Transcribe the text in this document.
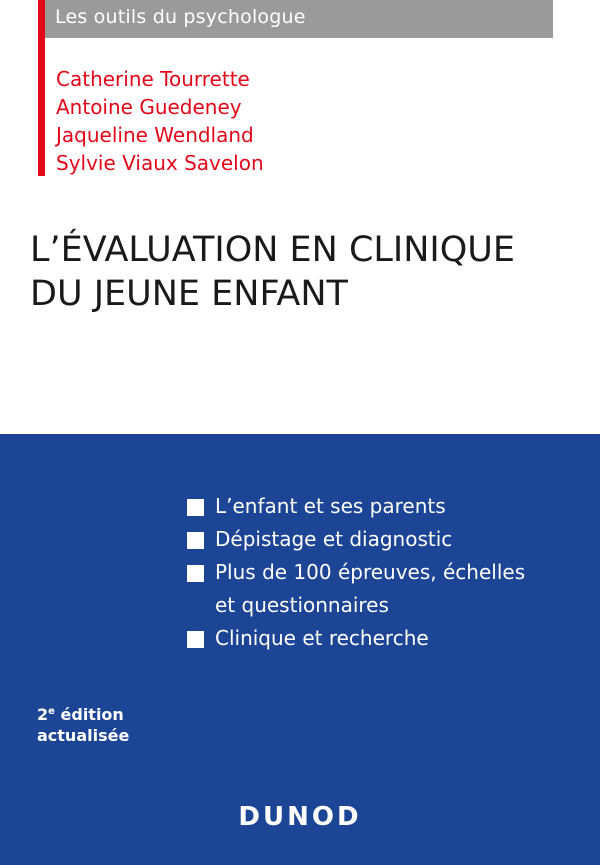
Les outils du psychologue
Catherine Tourrette
Antoine Guedeney
Jaqueline Wendland
Sylvie Viaux Savelon
L’ÉVALUATION EN CLINIQUE
DU JEUNE ENFANT
L’enfant et ses parents
Dépistage et diagnostic
Plus de 100 épreuves, échelles
et questionnaires
Clinique et recherche
2e édition
actualisée
DUNOD
